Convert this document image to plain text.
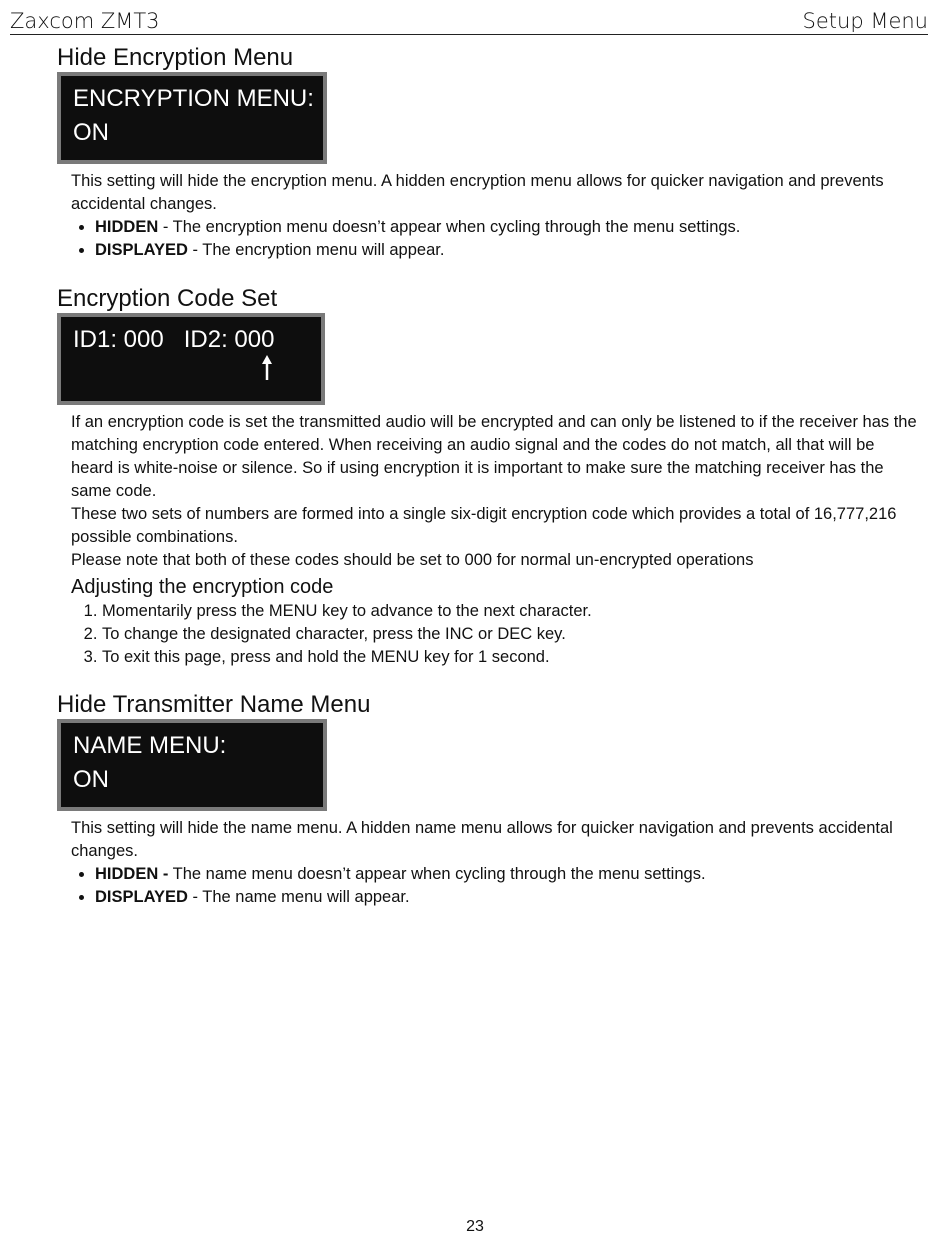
Zaxcom ZMT3	Setup Menu
Hide Encryption Menu
ENCRYPTION MENU:
ON

This setting will hide the encryption menu. A hidden encryption menu allows for quicker navigation and prevents accidental changes.

• HIDDEN - The encryption menu doesn’t appear when cycling through the menu settings.
• DISPLAYED - The encryption menu will appear.
Encryption Code Set
ID1: 000   ID2: 000

If an encryption code is set the transmitted audio will be encrypted and can only be listened to if the receiver has the matching encryption code entered. When receiving an audio signal and the codes do not match, all that will be heard is white-noise or silence. So if using encryption it is important to make sure the matching receiver has the same code.

These two sets of numbers are formed into a single six-digit encryption code which provides a total of 16,777,216 possible combinations.

Please note that both of these codes should be set to 000 for normal un-encrypted operations

Adjusting the encryption code
1. Momentarily press the MENU key to advance to the next character.
2. To change the designated character, press the INC or DEC key.
3. To exit this page, press and hold the MENU key for 1 second.
Hide Transmitter Name Menu
NAME MENU:
ON

This setting will hide the name menu. A hidden name menu allows for quicker navigation and prevents accidental changes.

• HIDDEN - The name menu doesn’t appear when cycling through the menu settings.
• DISPLAYED - The name menu will appear.
23
